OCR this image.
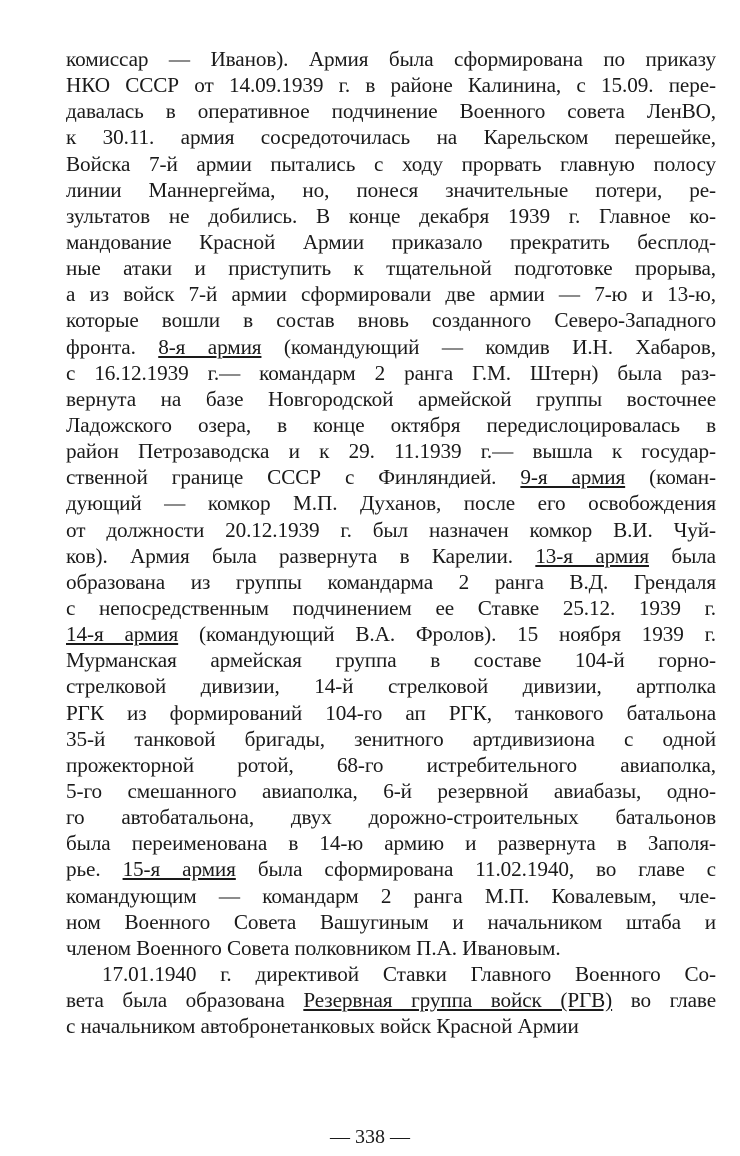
комиссар — Иванов). Армия была сформирована по приказу
НКО СССР от 14.09.1939 г. в районе Калинина, с 15.09. пере-
давалась в оперативное подчинение Военного совета ЛенВО,
к 30.11. армия сосредоточилась на Карельском перешейке,
Войска 7-й армии пытались с ходу прорвать главную полосу
линии Маннергейма, но, понеся значительные потери, ре-
зультатов не добились. В конце декабря 1939 г. Главное ко-
мандование Красной Армии приказало прекратить бесплод-
ные атаки и приступить к тщательной подготовке прорыва,
а из войск 7-й армии сформировали две армии — 7-ю и 13-ю,
которые вошли в состав вновь созданного Северо-Западного
фронта. 8-я армия (командующий — комдив И.Н. Хабаров,
с 16.12.1939 г.— командарм 2 ранга Г.М. Штерн) была раз-
вернута на базе Новгородской армейской группы восточнее
Ладожского озера, в конце октября передислоцировалась в
район Петрозаводска и к 29. 11.1939 г.— вышла к государ-
ственной границе СССР с Финляндией. 9-я армия (коман-
дующий — комкор М.П. Духанов, после его освобождения
от должности 20.12.1939 г. был назначен комкор В.И. Чуй-
ков). Армия была развернута в Карелии. 13-я армия была
образована из группы командарма 2 ранга В.Д. Грендаля
с непосредственным подчинением ее Ставке 25.12. 1939 г.
14-я армия (командующий В.А. Фролов). 15 ноября 1939 г.
Мурманская армейская группа в составе 104-й горно-
стрелковой дивизии, 14-й стрелковой дивизии, артполка
РГК из формирований 104-го ап РГК, танкового батальона
35-й танковой бригады, зенитного артдивизиона с одной
прожекторной ротой, 68-го истребительного авиаполка,
5-го смешанного авиаполка, 6-й резервной авиабазы, одно-
го автобатальона, двух дорожно-строительных батальонов
была переименована в 14-ю армию и развернута в Заполя-
рье. 15-я армия была сформирована 11.02.1940, во главе с
командующим — командарм 2 ранга М.П. Ковалевым, чле-
ном Военного Совета Вашугиным и начальником штаба и
членом Военного Совета полковником П.А. Ивановым.
17.01.1940 г. директивой Ставки Главного Военного Со-
вета была образована Резервная группа войск (РГВ) во главе
с начальником автобронетанковых войск Красной Армии
— 338 —
